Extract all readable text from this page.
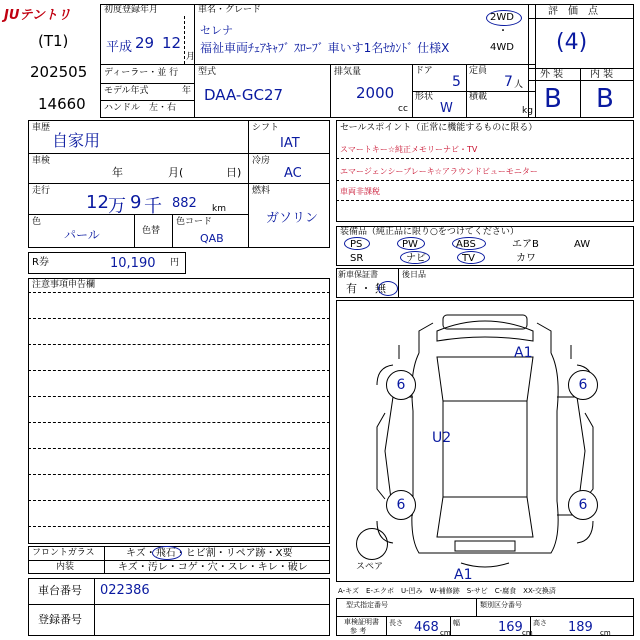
JUテントリ
(T1)
202505
14660
初度登録年月
平成 29 12
月
ディーラー・並 行
モデル年式	年
ハンドル　左・右
車名・グレード
セレナ
福祉車両ﾁｪｱｷｬﾌﾞ ｽﾛｰﾌﾞ 車いす1名ｾｶﾝﾄﾞ 仕様X
2WD
・
4WD
型式
DAA-GC27
排気量
2000
cc
ドア
5
形状
W
定員
7 人
積載
kg
評　価　点
(4)
外 装	内 装
B B
車歴
自家用
車検
年	月(	日)
走行
12 万 9 千 882 km
色
パール	色替
色コード
QAB
シフト
IAT
冷房
AC
燃料
ガソリン
R券	10,190 円
セールスポイント（正常に機能するものに限る）
スマートキー☆純正メモリーナビ・TV
エマージェンシーブレーキ☆アラウンドビューモニター
車両非課税
装備品（純正品に限り○をつけてください）
PS	PW	ABS	エアB	AW
SR	ナビ	TV	カワ
新車保証書
有 ・ 無
後日品
注意事項申告欄
A1
U2
A1
6	6
6	6
スペア
フロントガラス	キズ・飛石・ヒビ割・リペア跡・X要
内装	キズ・汚レ・コゲ・穴・スレ・キレ・破レ
車台番号 022386
登録番号
A-キズ　E-エクボ　U-凹み　W-補修跡　S-サビ　C-腐食　XX-交換済
型式指定番号	類別区分番号
車検証明書
参 考
長さ 468 cm
幅	169 cm
高さ 189 cm
